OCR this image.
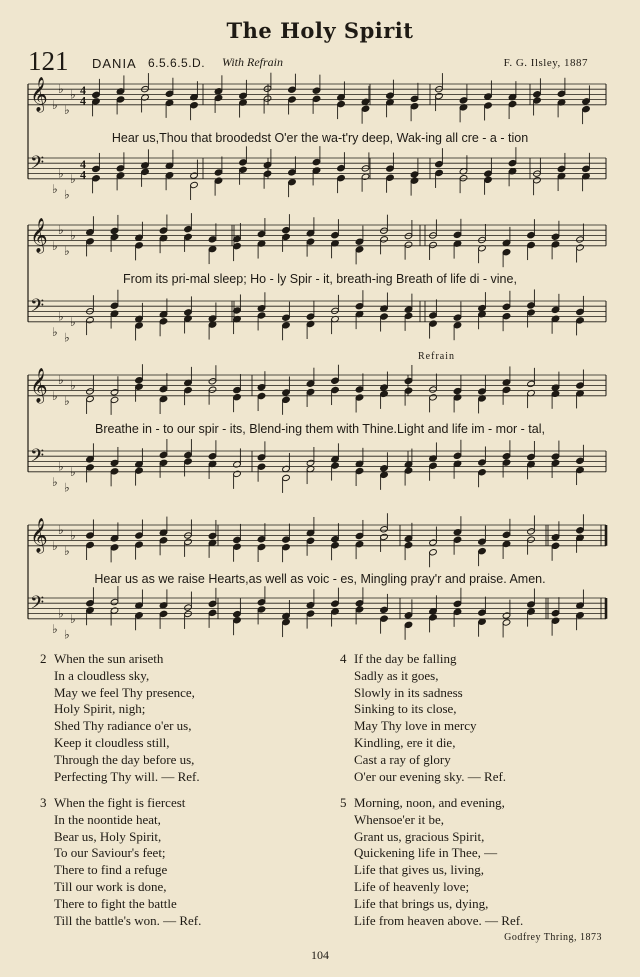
The Holy Spirit
121 DANIA 6.5.6.5.D. With Refrain	F. G. Ilsley, 1887
𝄞 ♭
♭
♭
♭ 4
4
𝄢
♭
♭
♭
♭
4
4
𝄞 ♭
♭
♭
♭
𝄢
♭
♭
♭
♭
𝄞 ♭
♭
♭
♭
𝄢
♭
♭
♭
♭
𝄞 ♭
♭
♭
♭
𝄢
♭
♭
♭
♭
Refrain
Hear us,Thou that broodedst O'er the wa-t'ry deep, Wak-ing all cre - a - tion
From its pri-mal sleep; Ho - ly Spir - it, breath-ing Breath of life di - vine,
Breathe in - to our spir - its, Blend-ing them with Thine.Light and life im - mor - tal,
Hear us as we raise Hearts,as well as voic - es, Mingling pray'r and praise. Amen.
2 When the sun ariseth
In a cloudless sky,
May we feel Thy presence,
Holy Spirit, nigh;
Shed Thy radiance o'er us,
Keep it cloudless still,
Through the day before us,
Perfecting Thy will. — Ref.
3 When the fight is fiercest
In the noontide heat,
Bear us, Holy Spirit,
To our Saviour's feet;
There to find a refuge
Till our work is done,
There to fight the battle
Till the battle's won. — Ref.
4 If the day be falling
Sadly as it goes,
Slowly in its sadness
Sinking to its close,
May Thy love in mercy
Kindling, ere it die,
Cast a ray of glory
O'er our evening sky. — Ref.
5 Morning, noon, and evening,
Whensoe'er it be,
Grant us, gracious Spirit,
Quickening life in Thee, —
Life that gives us, living,
Life of heavenly love;
Life that brings us, dying,
Life from heaven above. — Ref.
Godfrey Thring, 1873
104
